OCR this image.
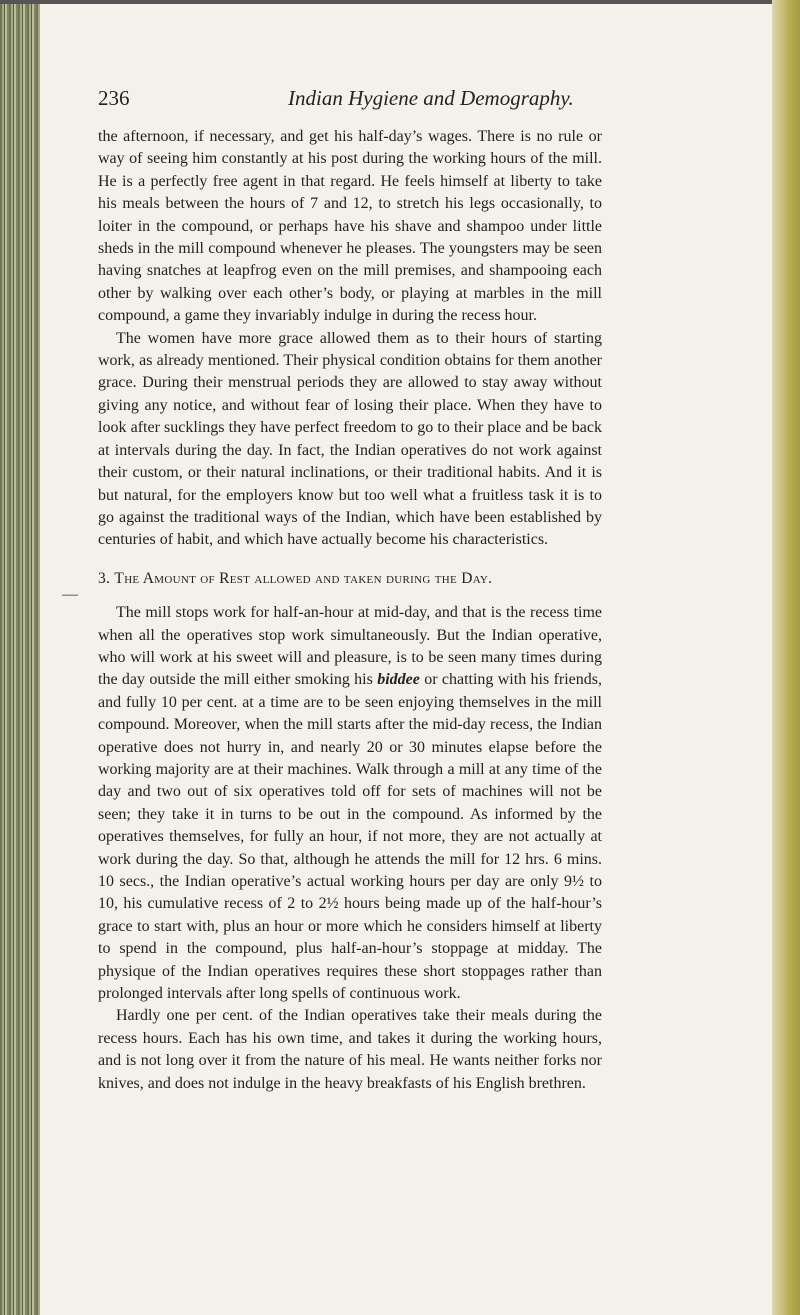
236	Indian Hygiene and Demography.
—

the afternoon, if necessary, and get his half-day’s wages. There is no rule or way of seeing him constantly at his post during the working hours of the mill. He is a perfectly free agent in that regard. He feels himself at liberty to take his meals between the hours of 7 and 12, to stretch his legs occasionally, to loiter in the compound, or perhaps have his shave and shampoo under little sheds in the mill compound whenever he pleases. The youngsters may be seen having snatches at leapfrog even on the mill premises, and shampooing each other by walking over each other’s body, or playing at marbles in the mill compound, a game they invariably indulge in during the recess hour.

The women have more grace allowed them as to their hours of starting work, as already mentioned. Their physical condition obtains for them another grace. During their menstrual periods they are allowed to stay away without giving any notice, and without fear of losing their place. When they have to look after sucklings they have perfect freedom to go to their place and be back at intervals during the day. In fact, the Indian operatives do not work against their custom, or their natural inclinations, or their traditional habits. And it is but natural, for the employers know but too well what a fruitless task it is to go against the traditional ways of the Indian, which have been established by centuries of habit, and which have actually become his characteristics.

3. The Amount of Rest allowed and taken during the Day.

The mill stops work for half-an-hour at mid-day, and that is the recess time when all the operatives stop work simultaneously. But the Indian operative, who will work at his sweet will and pleasure, is to be seen many times during the day outside the mill either smoking his biddee or chatting with his friends, and fully 10 per cent. at a time are to be seen enjoying themselves in the mill compound. Moreover, when the mill starts after the mid-day recess, the Indian operative does not hurry in, and nearly 20 or 30 minutes elapse before the working majority are at their machines. Walk through a mill at any time of the day and two out of six operatives told off for sets of machines will not be seen; they take it in turns to be out in the compound. As informed by the operatives themselves, for fully an hour, if not more, they are not actually at work during the day. So that, although he attends the mill for 12 hrs. 6 mins. 10 secs., the Indian operative’s actual working hours per day are only 9½ to 10, his cumulative recess of 2 to 2½ hours being made up of the half-hour’s grace to start with, plus an hour or more which he considers himself at liberty to spend in the compound, plus half-an-hour’s stoppage at midday. The physique of the Indian operatives requires these short stoppages rather than prolonged intervals after long spells of continuous work.

Hardly one per cent. of the Indian operatives take their meals during the recess hours. Each has his own time, and takes it during the working hours, and is not long over it from the nature of his meal. He wants neither forks nor knives, and does not indulge in the heavy breakfasts of his English brethren.
